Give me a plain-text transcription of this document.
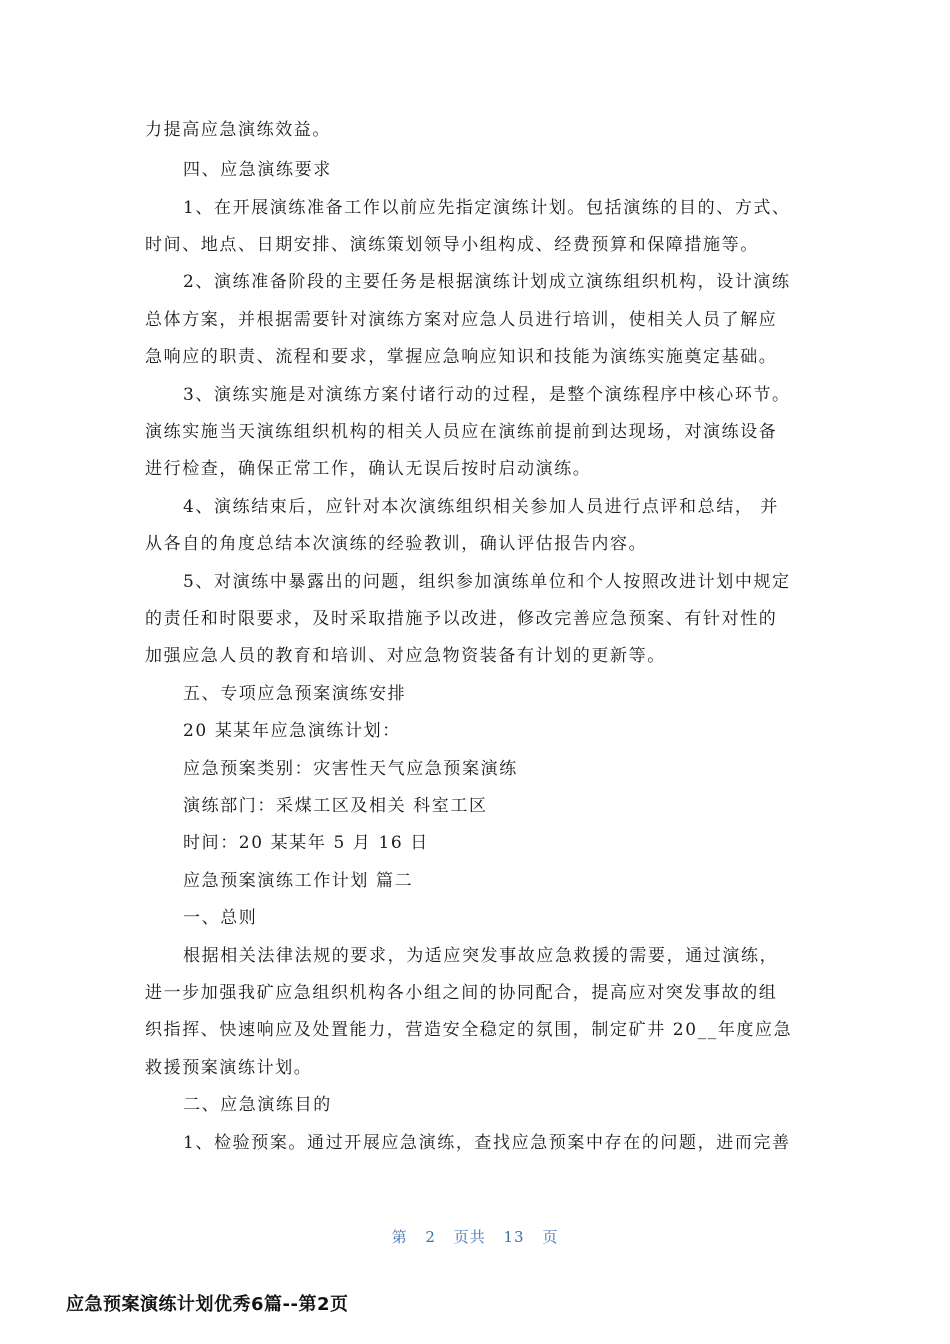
力提高应急演练效益。
四、应急演练要求
1、在开展演练准备工作以前应先指定演练计划。包括演练的目的、方式、
时间、地点、日期安排、演练策划领导小组构成、经费预算和保障措施等。
2、演练准备阶段的主要任务是根据演练计划成立演练组织机构，设计演练
总体方案，并根据需要针对演练方案对应急人员进行培训，使相关人员了解应
急响应的职责、流程和要求，掌握应急响应知识和技能为演练实施奠定基础。
3、演练实施是对演练方案付诸行动的过程，是整个演练程序中核心环节。
演练实施当天演练组织机构的相关人员应在演练前提前到达现场，对演练设备
进行检查，确保正常工作，确认无误后按时启动演练。
4、演练结束后，应针对本次演练组织相关参加人员进行点评和总结， 并
从各自的角度总结本次演练的经验教训，确认评估报告内容。
5、对演练中暴露出的问题，组织参加演练单位和个人按照改进计划中规定
的责任和时限要求，及时采取措施予以改进，修改完善应急预案、有针对性的
加强应急人员的教育和培训、对应急物资装备有计划的更新等。
五、专项应急预案演练安排
20 某某年应急演练计划：
应急预案类别：灾害性天气应急预案演练
演练部门：采煤工区及相关 科室工区
时间：20 某某年 5 月 16 日
应急预案演练工作计划 篇二
一、总则
根据相关法律法规的要求，为适应突发事故应急救援的需要，通过演练，
进一步加强我矿应急组织机构各小组之间的协同配合，提高应对突发事故的组
织指挥、快速响应及处置能力，营造安全稳定的氛围，制定矿井 20__年度应急
救援预案演练计划。
二、应急演练目的
1、检验预案。通过开展应急演练，查找应急预案中存在的问题，进而完善
第 2 页共 13 页
应急预案演练计划优秀6篇--第2页
